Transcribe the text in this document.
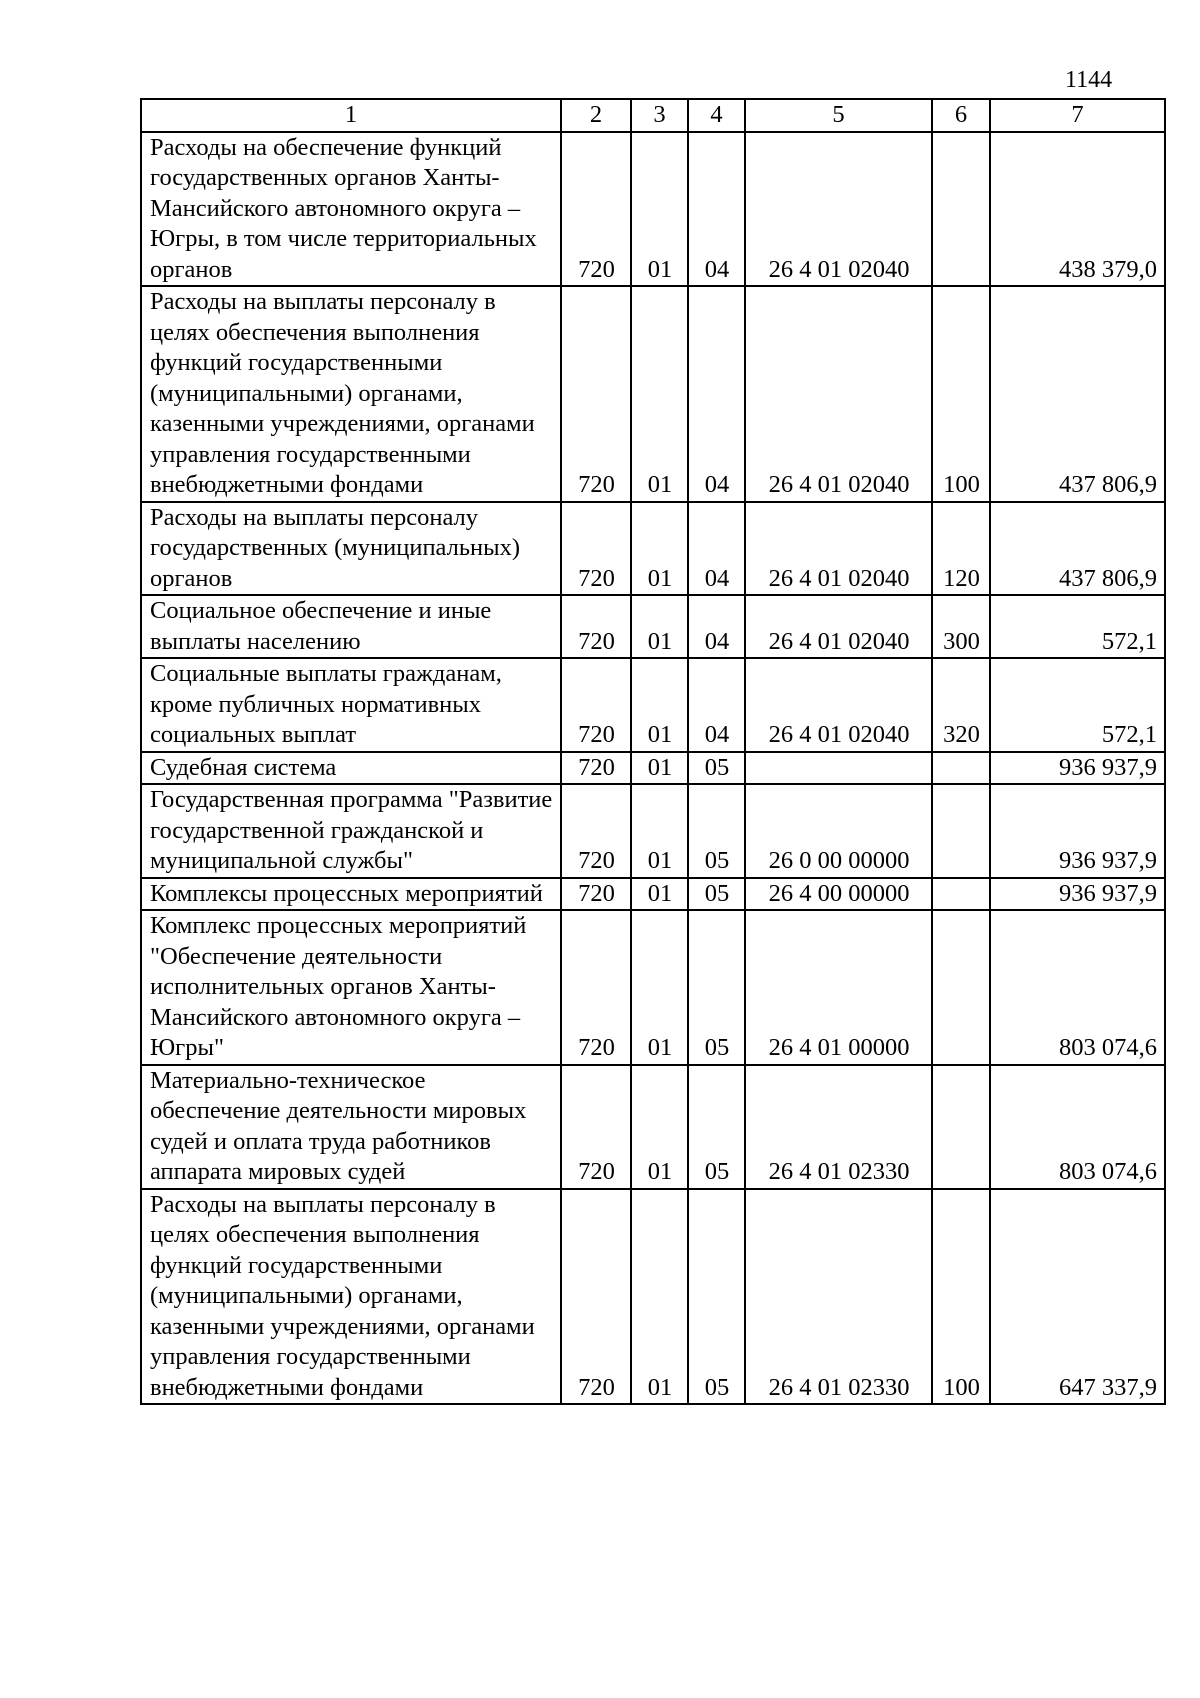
1144
1	2	3	4	5	6	7
Расходы на обеспечение функций государственных органов Ханты-Мансийского автономного округа – Югры, в том числе территориальных органов	720	01	04	26 4 01 02040		438 379,0
Расходы на выплаты персоналу в целях обеспечения выполнения функций государственными (муниципальными) органами, казенными учреждениями, органами управления государственными внебюджетными фондами	720	01	04	26 4 01 02040	100	437 806,9
Расходы на выплаты персоналу государственных (муниципальных) органов	720	01	04	26 4 01 02040	120	437 806,9
Социальное обеспечение и иные выплаты населению	720	01	04	26 4 01 02040	300	572,1
Социальные выплаты гражданам, кроме публичных нормативных социальных выплат	720	01	04	26 4 01 02040	320	572,1
Судебная система	720	01	05			936 937,9
Государственная программа "Развитие государственной гражданской и муниципальной службы"	720	01	05	26 0 00 00000		936 937,9
Комплексы процессных мероприятий	720	01	05	26 4 00 00000		936 937,9
Комплекс процессных мероприятий "Обеспечение деятельности исполнительных органов Ханты-Мансийского автономного округа – Югры"	720	01	05	26 4 01 00000		803 074,6
Материально-техническое обеспечение деятельности мировых судей и оплата труда работников аппарата мировых судей	720	01	05	26 4 01 02330		803 074,6
Расходы на выплаты персоналу в целях обеспечения выполнения функций государственными (муниципальными) органами, казенными учреждениями, органами управления государственными внебюджетными фондами	720	01	05	26 4 01 02330	100	647 337,9
